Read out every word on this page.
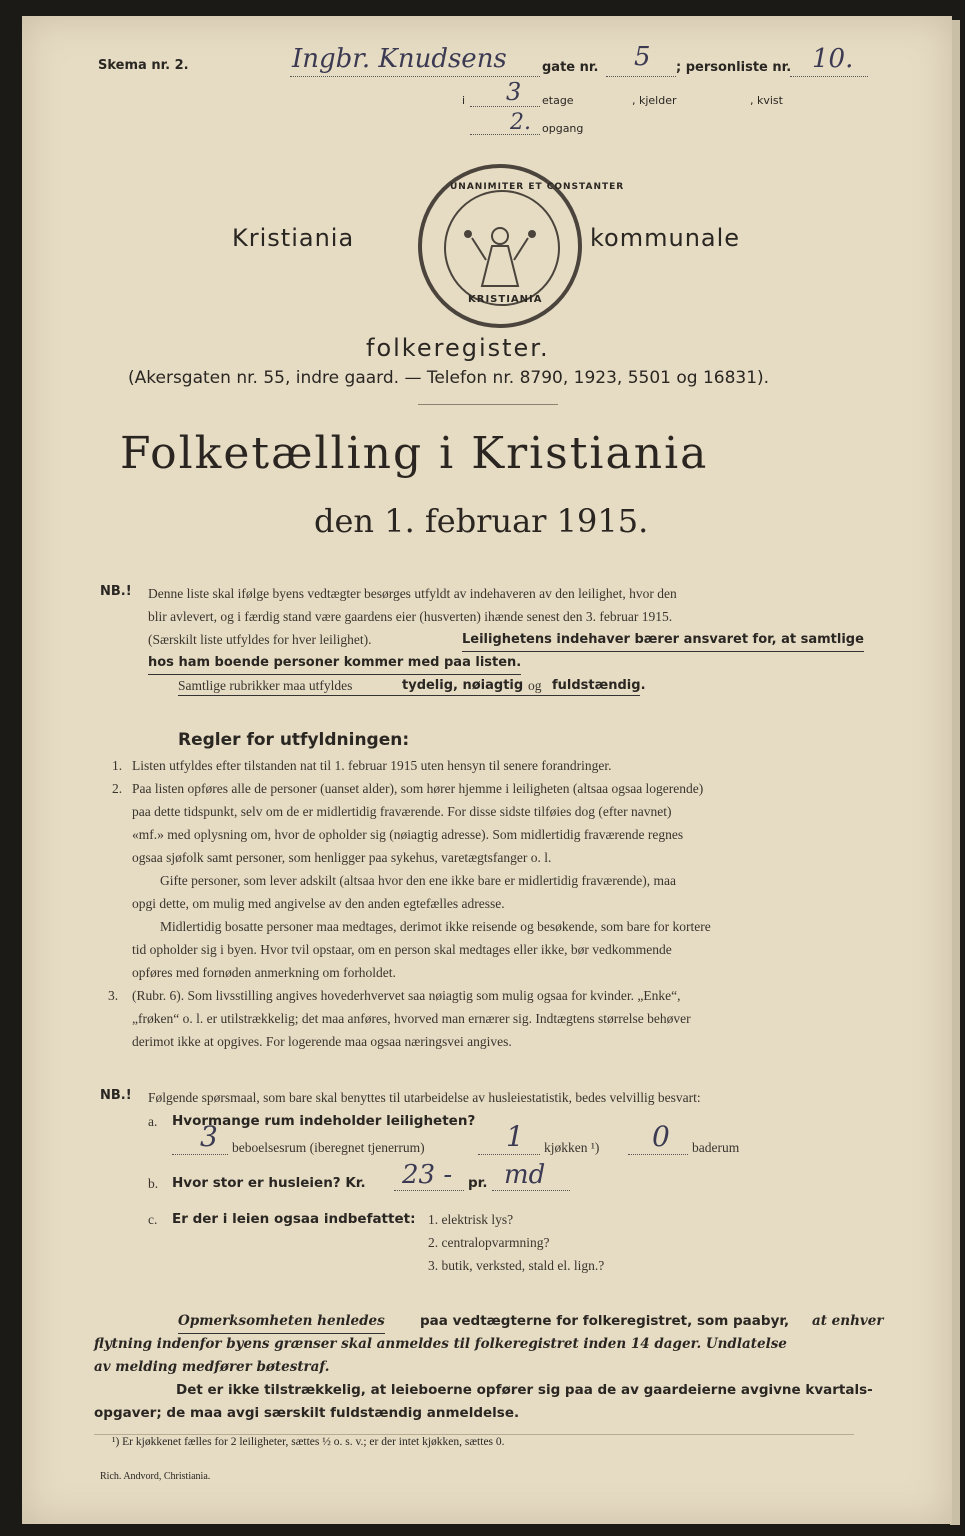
Skema nr. 2.	Ingbr. Knudsens	gate nr. 5 ; personliste nr. 10.
i 3 etage	, kjelder	, kvist
2. opgang
UNANIMITER ET CONSTANTER
KRISTIANIA
Kristiania	kommunale
folkeregister.
(Akersgaten nr. 55, indre gaard. — Telefon nr. 8790, 1923, 5501 og 16831).
Folketælling i Kristiania
den 1. februar 1915.
NB.! Denne liste skal ifølge byens vedtægter besørges utfyldt av indehaveren av den leilighet, hvor den
blir avlevert, og i færdig stand være gaardens eier (husverten) ihænde senest den 3. februar 1915.
(Særskilt liste utfyldes for hver leilighet).	Leilighetens indehaver bærer ansvaret for, at samtlige
hos ham boende personer kommer med paa listen.
Samtlige rubrikker maa utfyldes	tydelig, nøiagtig og fuldstændig.
Regler for utfyldningen:
1. Listen utfyldes efter tilstanden nat til 1. februar 1915 uten hensyn til senere forandringer.
2. Paa listen opføres alle de personer (uanset alder), som hører hjemme i leiligheten (altsaa ogsaa logerende)
paa dette tidspunkt, selv om de er midlertidig fraværende. For disse sidste tilføies dog (efter navnet)
«mf.» med oplysning om, hvor de opholder sig (nøiagtig adresse). Som midlertidig fraværende regnes
ogsaa sjøfolk samt personer, som henligger paa sykehus, varetægtsfanger o. l.
Gifte personer, som lever adskilt (altsaa hvor den ene ikke bare er midlertidig fraværende), maa
opgi dette, om mulig med angivelse av den anden egtefælles adresse.
Midlertidig bosatte personer maa medtages, derimot ikke reisende og besøkende, som bare for kortere
tid opholder sig i byen. Hvor tvil opstaar, om en person skal medtages eller ikke, bør vedkommende
opføres med fornøden anmerkning om forholdet.
3. (Rubr. 6). Som livsstilling angives hovederhvervet saa nøiagtig som mulig ogsaa for kvinder. „Enke“,
„frøken“ o. l. er utilstrækkelig; det maa anføres, hvorved man ernærer sig. Indtægtens størrelse behøver
derimot ikke at opgives. For logerende maa ogsaa næringsvei angives.
NB.! Følgende spørsmaal, som bare skal benyttes til utarbeidelse av husleiestatistik, bedes velvillig besvart:
a. Hvormange rum indeholder leiligheten?
3 beboelsesrum (iberegnet tjenerrum)	1 kjøkken ¹) 0 baderum
b. Hvor stor er husleien? Kr. 23 - pr. md
c. Er der i leien ogsaa indbefattet: 1. elektrisk lys?
2. centralopvarmning?
3. butik, verksted, stald el. lign.?
Opmerksomheten henledes	paa vedtægterne for folkeregistret, som paabyr, at enhver
flytning indenfor byens grænser skal anmeldes til folkeregistret inden 14 dager. Undlatelse
av melding medfører bøtestraf.
Det er ikke tilstrækkelig, at leieboerne opfører sig paa de av gaardeierne avgivne kvartals-
opgaver; de maa avgi særskilt fuldstændig anmeldelse.
¹) Er kjøkkenet fælles for 2 leiligheter, sættes ½ o. s. v.; er der intet kjøkken, sættes 0.
Rich. Andvord, Christiania.
